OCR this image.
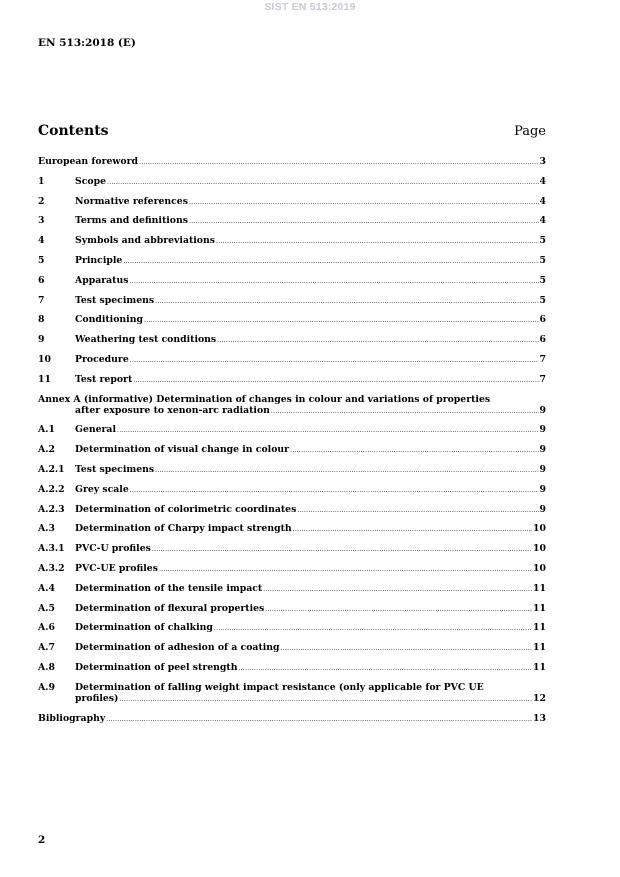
SIST EN 513:2019
EN 513:2018 (E)
Contents	Page
European foreword .....	3
1	Scope .....	4
2	Normative references .....	4
3	Terms and definitions .....	4
4	Symbols and abbreviations .....	5
5	Principle .....	5
6	Apparatus .....	5
7	Test specimens .....	5
8	Conditioning .....	6
9	Weathering test conditions .....	6
10	Procedure .....	7
11	Test report .....	7
Annex A (informative) Determination of changes in colour and variations of properties
after exposure to xenon-arc radiation .....	9
A.1 General .....	9
A.2 Determination of visual change in colour .....	9
A.2.1 Test specimens .....	9
A.2.2 Grey scale .....	9
A.2.3 Determination of colorimetric coordinates .....	9
A.3 Determination of Charpy impact strength .....	10
A.3.1 PVC-U profiles .....	10
A.3.2 PVC-UE profiles .....	10
A.4 Determination of the tensile impact .....	11
A.5 Determination of flexural properties .....	11
A.6 Determination of chalking .....	11
A.7 Determination of adhesion of a coating .....	11
A.8 Determination of peel strength .....	11
A.9 Determination of falling weight impact resistance (only applicable for PVC UE
profiles) .....	12
Bibliography .....	13
2
